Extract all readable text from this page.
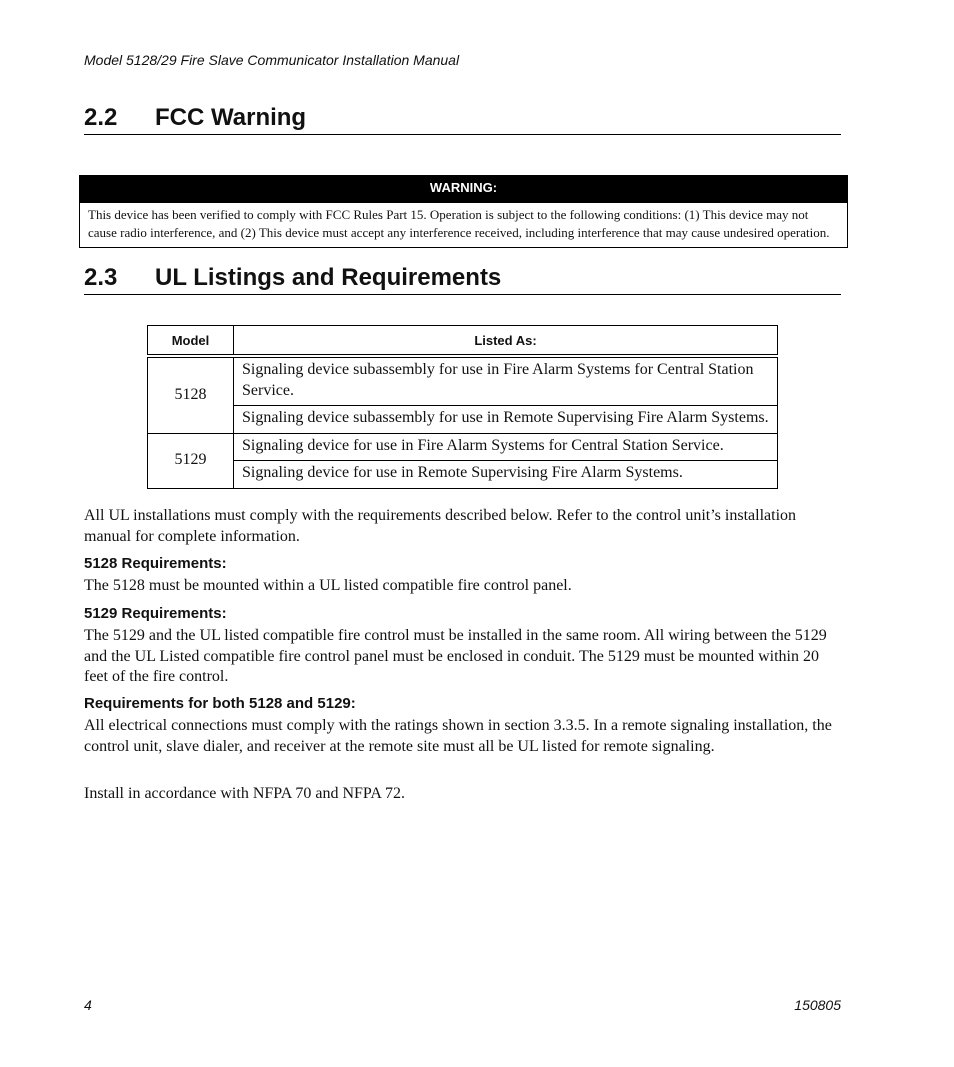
Model 5128/29 Fire Slave Communicator Installation Manual
2.2 FCC Warning
WARNING:
This device has been verified to comply with FCC Rules Part 15. Operation is subject to the following conditions: (1) This device may not cause radio interference, and (2) This device must accept any interference received, including interference that may cause undesired operation.
2.3 UL Listings and Requirements
Model	Listed As:
5128	Signaling device subassembly for use in Fire Alarm Systems for Central Station Service.
	Signaling device subassembly for use in Remote Supervising Fire Alarm Systems.
5129	Signaling device for use in Fire Alarm Systems for Central Station Service.
	Signaling device for use in Remote Supervising Fire Alarm Systems.
All UL installations must comply with the requirements described below. Refer to the control unit’s installation manual for complete information.
5128 Requirements:
The 5128 must be mounted within a UL listed compatible fire control panel.
5129 Requirements:
The 5129 and the UL listed compatible fire control must be installed in the same room. All wiring between the 5129 and the UL Listed compatible fire control panel must be enclosed in conduit. The 5129 must be mounted within 20 feet of the fire control.
Requirements for both 5128 and 5129:
All electrical connections must comply with the ratings shown in section 3.3.5. In a remote signaling installation, the control unit, slave dialer, and receiver at the remote site must all be UL listed for remote signaling.
Install in accordance with NFPA 70 and NFPA 72.
4	150805
